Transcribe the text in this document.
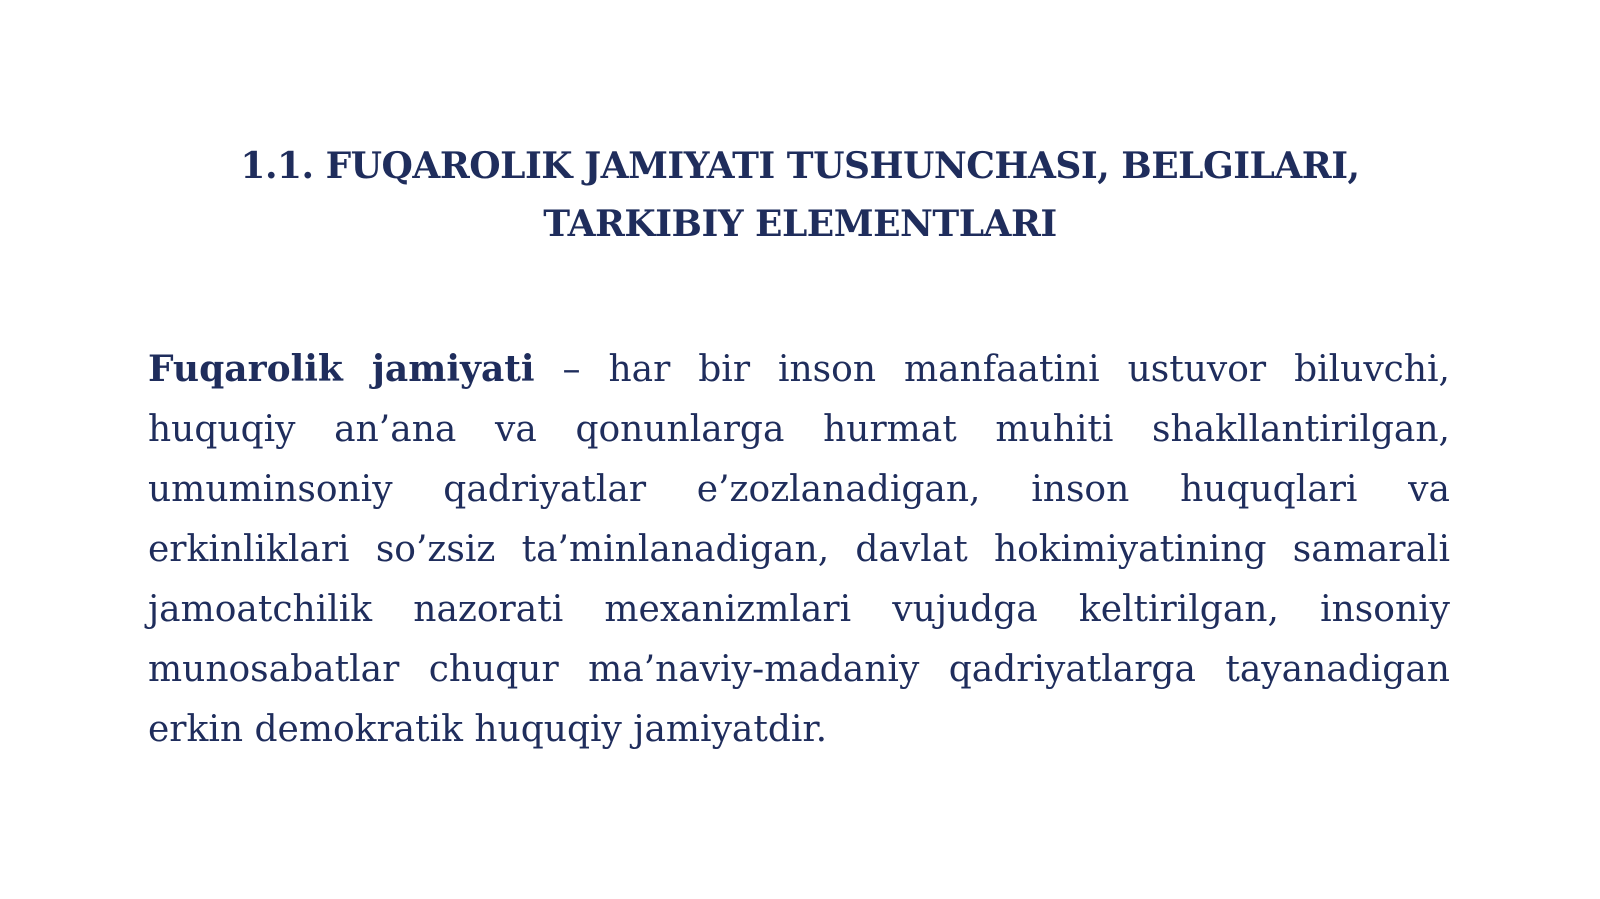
1.1. FUQAROLIK JAMIYATI TUSHUNCHASI, BELGILARI,
TARKIBIY ELEMENTLARI
Fuqarolik jamiyati – har bir inson manfaatini ustuvor biluvchi,
huquqiy an’ana va qonunlarga hurmat muhiti shakllantirilgan,
umuminsoniy qadriyatlar e’zozlanadigan, inson huquqlari va
erkinliklari so’zsiz ta’minlanadigan, davlat hokimiyatining samarali
jamoatchilik nazorati mexanizmlari vujudga keltirilgan, insoniy
munosabatlar chuqur ma’naviy-madaniy qadriyatlarga tayanadigan
erkin demokratik huquqiy jamiyatdir.
